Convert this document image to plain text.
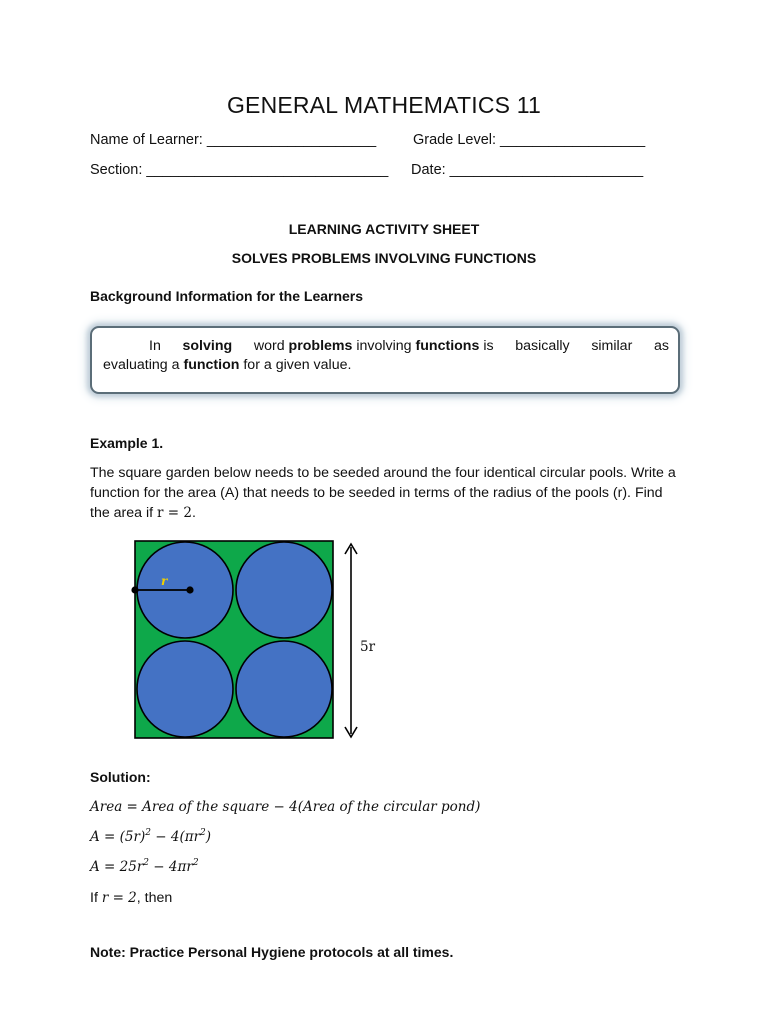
GENERAL MATHEMATICS 11
Name of Learner: _____________________	Grade Level: __________________
Section: ______________________________ Date: ________________________
LEARNING ACTIVITY SHEET
SOLVES PROBLEMS INVOLVING FUNCTIONS
Background Information for the Learners
In solving word problems involving functions is basically similar as
evaluating a function for a given value.
Example 1.
The square garden below needs to be seeded around the four identical circular pools. Write a function for the area (A) that needs to be seeded in terms of the radius of the pools (r). Find the area if r = 2.
r
5r
Solution:
Area = Area of the square − 4(Area of the circular pond)
$A = (5r)^2 - 4(\pi r^2)$
$A = 25r^2 - 4\pi r^2$
If r = 2, then
Note: Practice Personal Hygiene protocols at all times.
